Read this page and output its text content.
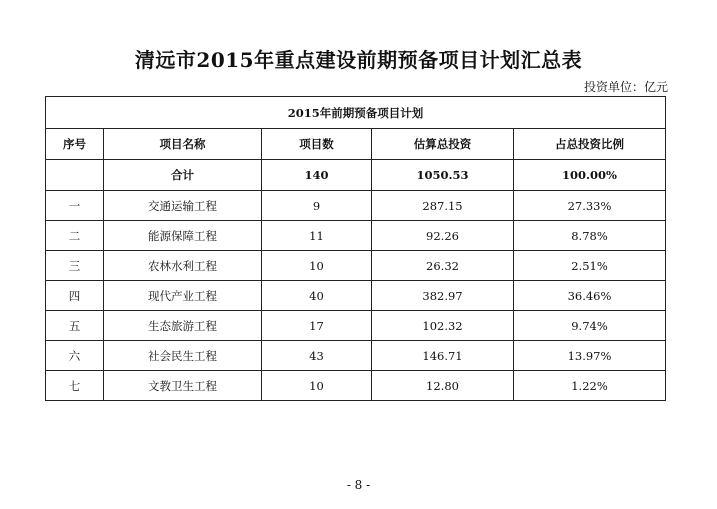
清远市2015年重点建设前期预备项目计划汇总表
投资单位：亿元
2015年前期预备项目计划				
序号	项目名称	项目数	估算总投资	占总投资比例
	合计	140	1050.53	100.00%
一	交通运输工程	9	287.15	27.33%
二	能源保障工程	11	92.26	8.78%
三	农林水利工程	10	26.32	2.51%
四	现代产业工程	40	382.97	36.46%
五	生态旅游工程	17	102.32	9.74%
六	社会民生工程	43	146.71	13.97%
七	文教卫生工程	10	12.80	1.22%
- 8 -
